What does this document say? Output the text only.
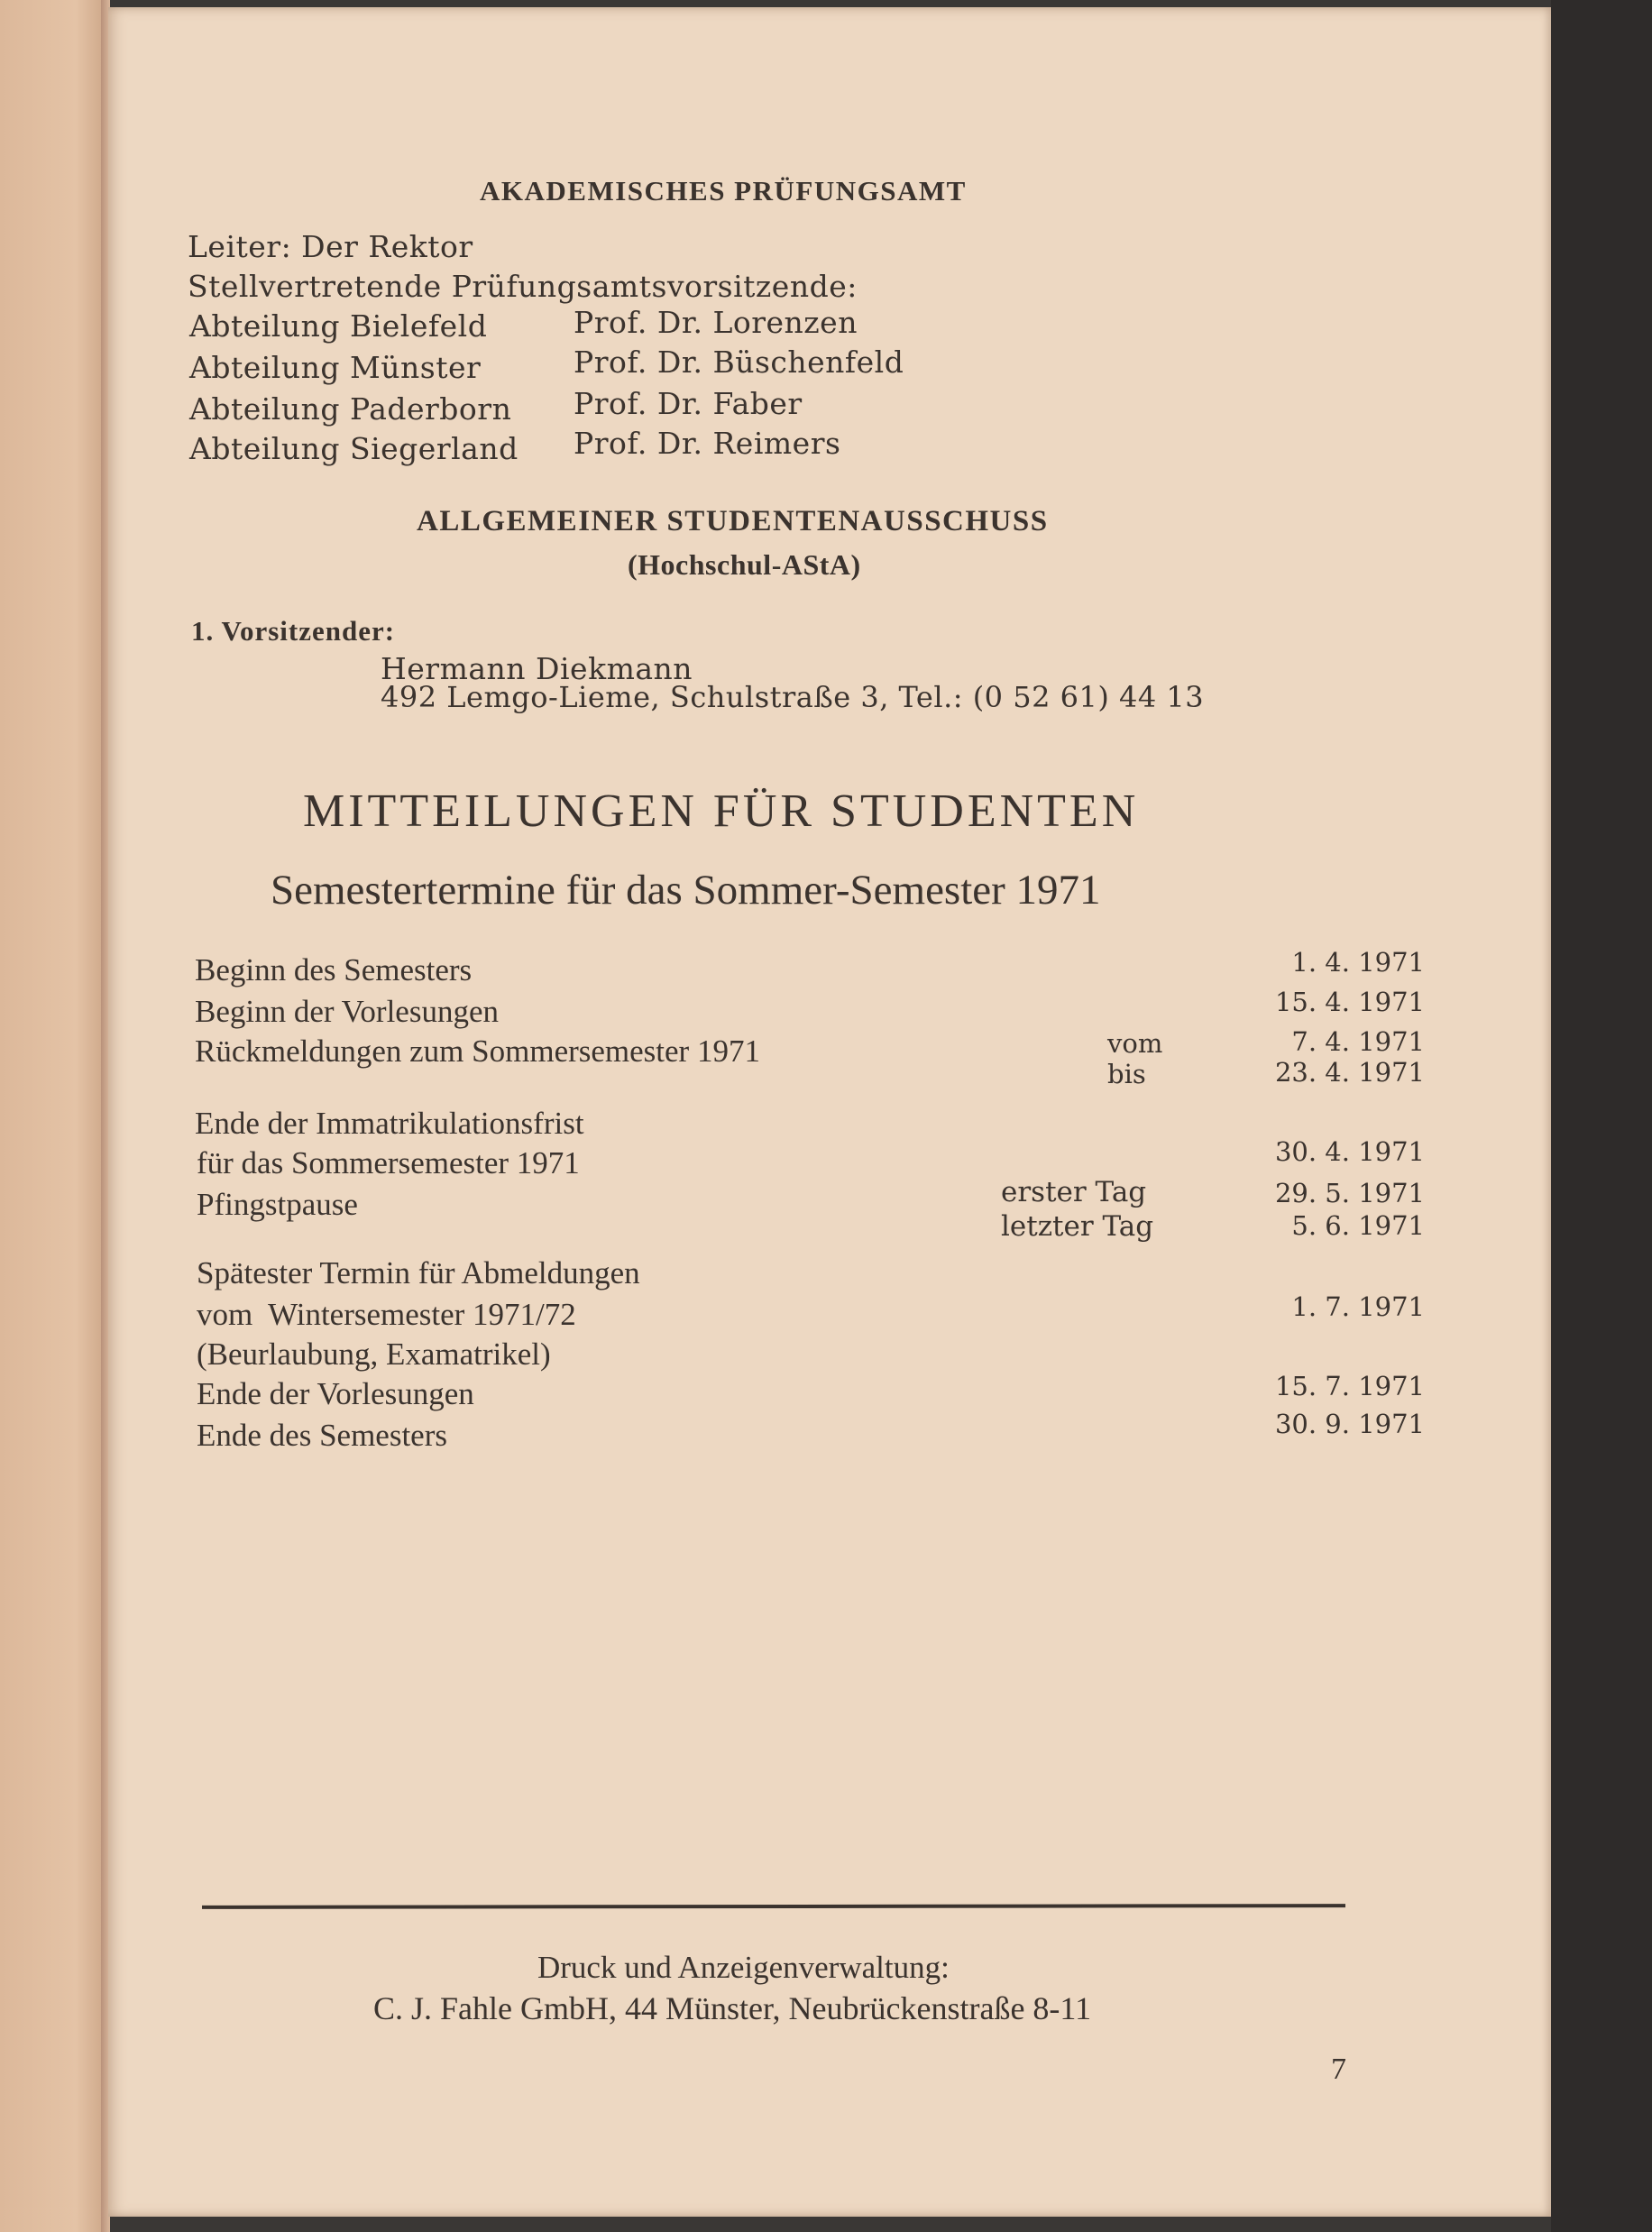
AKADEMISCHES PRÜFUNGSAMT
Leiter: Der Rektor
Stellvertretende Prüfungsamtsvorsitzende:
Abteilung Bielefeld	Prof. Dr. Lorenzen
Abteilung Münster	Prof. Dr. Büschenfeld
Abteilung Paderborn Prof. Dr. Faber
Abteilung Siegerland Prof. Dr. Reimers
ALLGEMEINER STUDENTENAUSSCHUSS
(Hochschul-AStA)
1. Vorsitzender:
Hermann Diekmann
492 Lemgo-Lieme, Schulstraße 3, Tel.: (0 52 61) 44 13
MITTEILUNGEN FÜR STUDENTEN
Semestertermine für das Sommer-Semester 1971
Beginn des Semesters	1. 4. 1971
Beginn der Vorlesungen	15. 4. 1971
Rückmeldungen zum Sommersemester 1971	vom	7. 4. 1971
bis	23. 4. 1971
Ende der Immatrikulationsfrist
für das Sommersemester 1971	30. 4. 1971
Pfingstpause	erster Tag	29. 5. 1971
letzter Tag	5. 6. 1971
Spätester Termin für Abmeldungen
vom  Wintersemester 1971/72
(Beurlaubung, Examatrikel)
1. 7. 1971
Ende der Vorlesungen	15. 7. 1971
Ende des Semesters	30. 9. 1971
Druck und Anzeigenverwaltung:
C. J. Fahle GmbH, 44 Münster, Neubrückenstraße 8-11
7
